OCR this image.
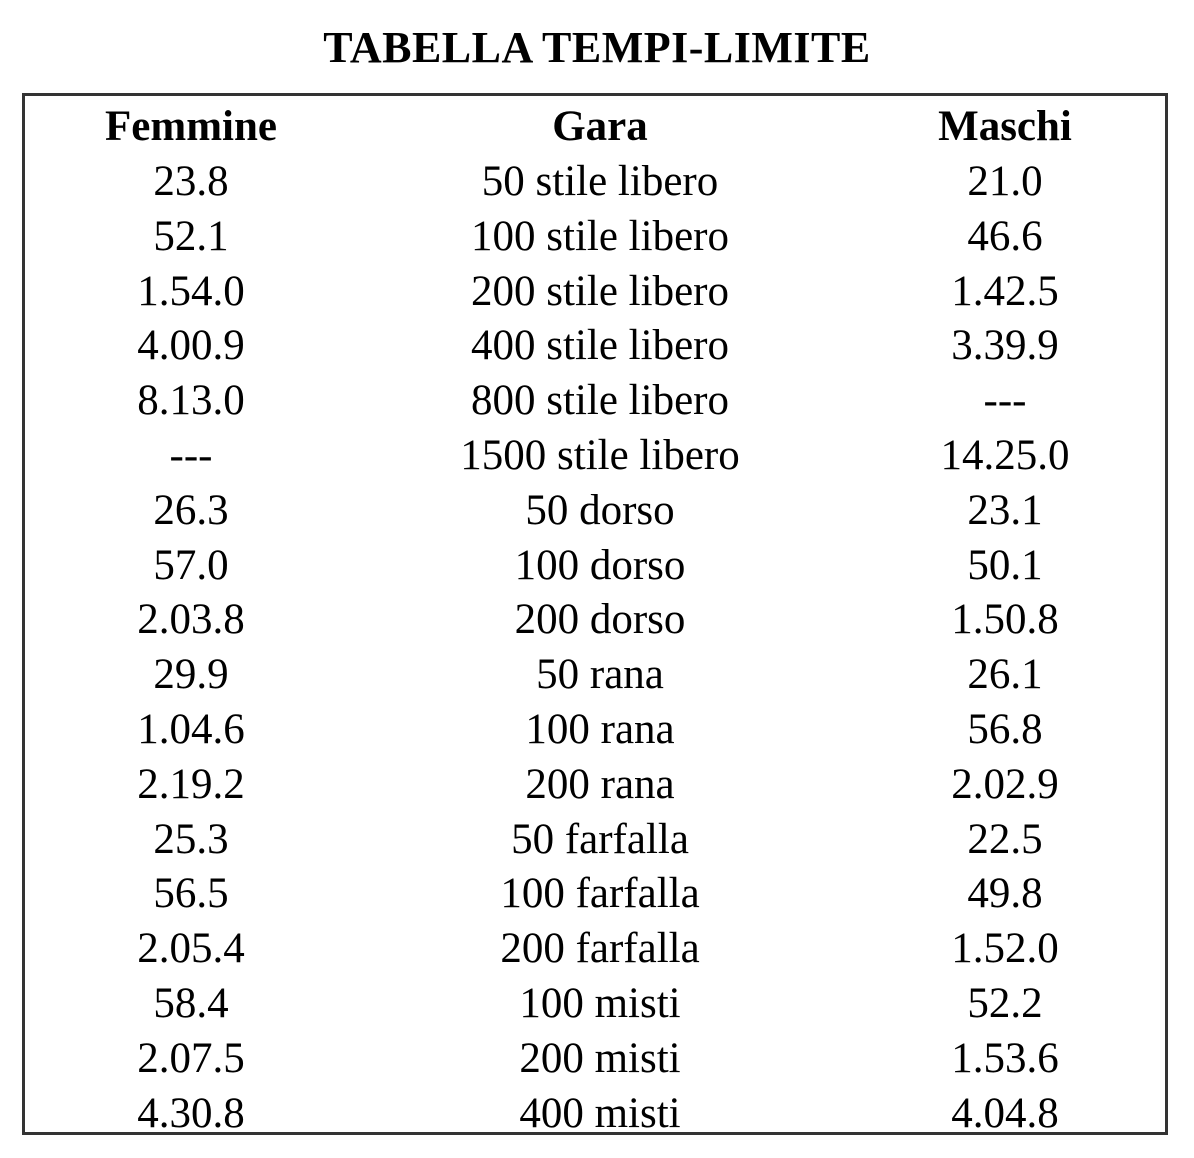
TABELLA TEMPI-LIMITE
Femmine	Gara	Maschi
23.8	50 stile libero	21.0
52.1	100 stile libero	46.6
1.54.0	200 stile libero	1.42.5
4.00.9	400 stile libero	3.39.9
8.13.0	800 stile libero	---
---	1500 stile libero	14.25.0
26.3	50 dorso	23.1
57.0	100 dorso	50.1
2.03.8	200 dorso	1.50.8
29.9	50 rana	26.1
1.04.6	100 rana	56.8
2.19.2	200 rana	2.02.9
25.3	50 farfalla	22.5
56.5	100 farfalla	49.8
2.05.4	200 farfalla	1.52.0
58.4	100 misti	52.2
2.07.5	200 misti	1.53.6
4.30.8	400 misti	4.04.8
